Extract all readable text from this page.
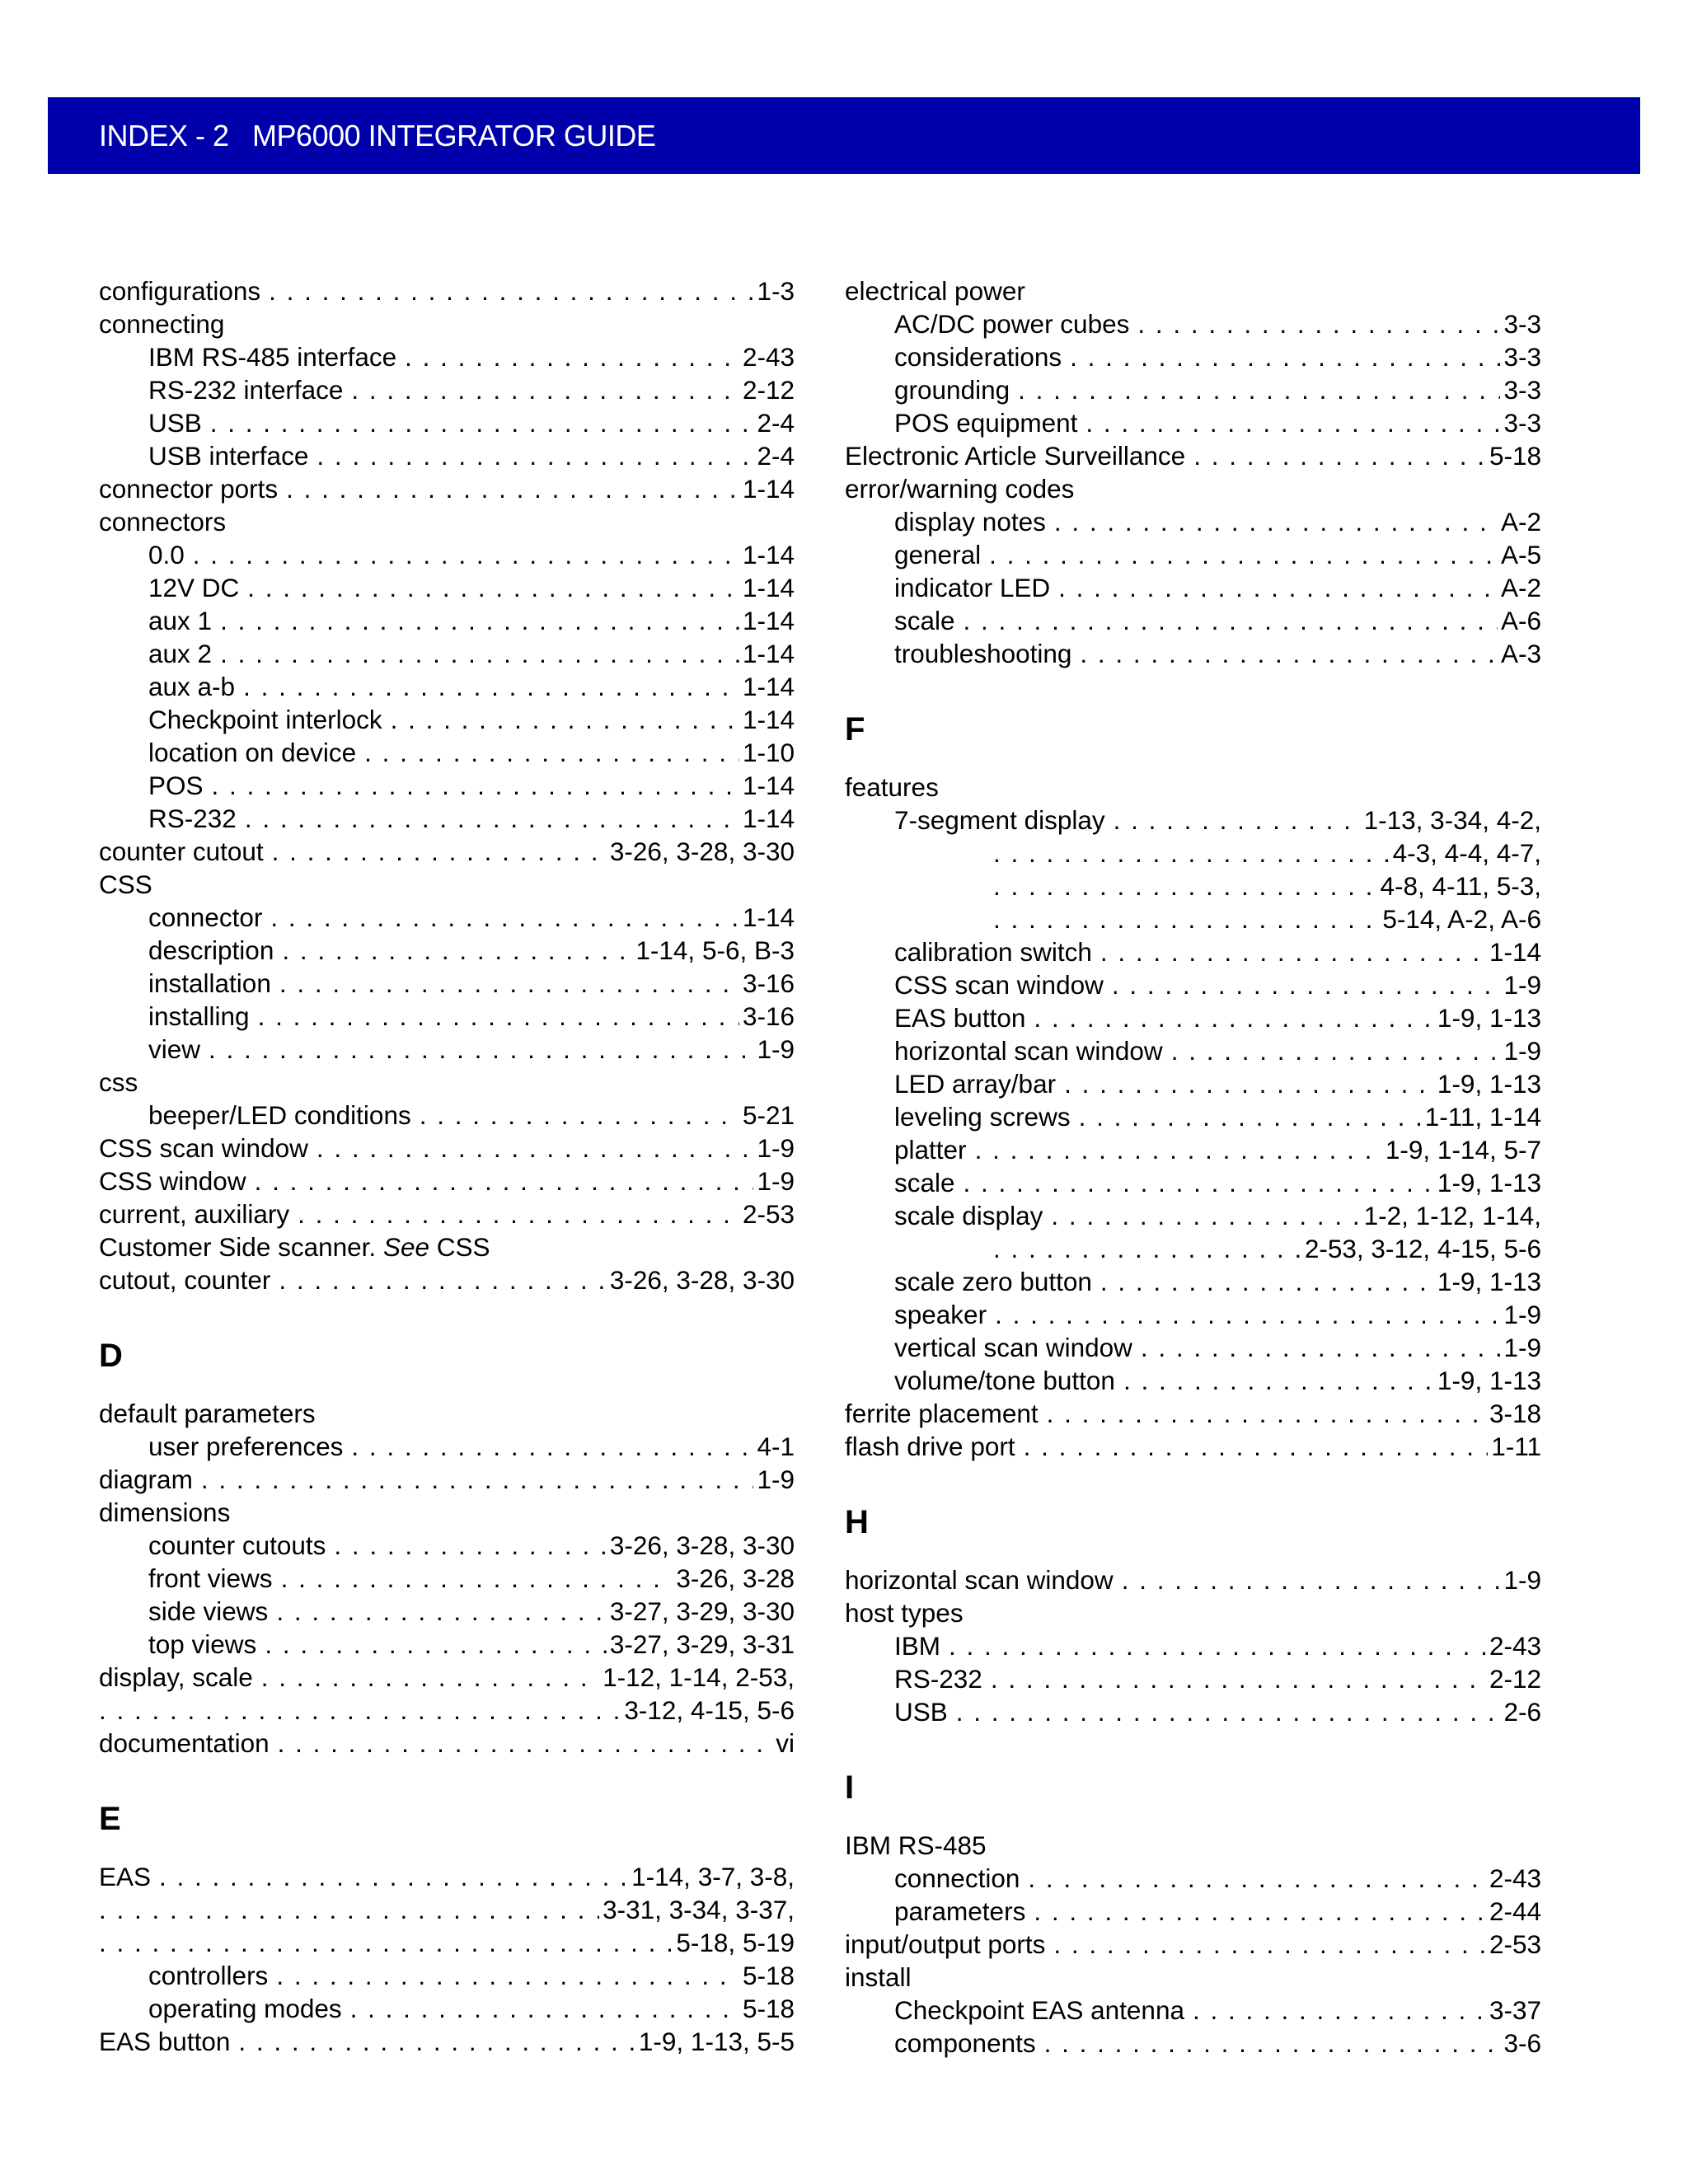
INDEX - 2   MP6000 INTEGRATOR GUIDE
configurations . . .	1-3
connecting
IBM RS-485 interface . . .	2-43
RS-232 interface . . .	2-12
USB . . .	2-4
USB interface . . .	2-4
connector ports . . .	1-14
connectors
0.0 . . .	1-14
12V DC . . .	1-14
aux 1 . . .	1-14
aux 2 . . .	1-14
aux a-b . . .	1-14
Checkpoint interlock . . .	1-14
location on device . . .	1-10
POS . . .	1-14
RS-232 . . .	1-14
counter cutout . . .	3-26, 3-28, 3-30
CSS
connector . . .	1-14
description . . .	1-14, 5-6, B-3
installation . . .	3-16
installing . . .	3-16
view . . .	1-9
css
beeper/LED conditions . . .	5-21
CSS scan window . . .	1-9
CSS window . . .	1-9
current, auxiliary . . .	2-53
Customer Side scanner. See CSS
cutout, counter . . .	3-26, 3-28, 3-30
D
default parameters
user preferences . . .	4-1
diagram . . .	1-9
dimensions
counter cutouts . . .	3-26, 3-28, 3-30
front views . . .	3-26, 3-28
side views . . .	3-27, 3-29, 3-30
top views . . .	3-27, 3-29, 3-31
display, scale . . .	1-12, 1-14, 2-53,
. . .
3-12, 4-15, 5-6
documentation . . .	vi
E
EAS . . .	1-14, 3-7, 3-8,
. . .
3-31, 3-34, 3-37,
. . .
5-18, 5-19
controllers . . .	5-18
operating modes . . .	5-18
EAS button . . .	1-9, 1-13, 5-5
electrical power
AC/DC power cubes . . .	3-3
considerations . . .	3-3
grounding . . .	3-3
POS equipment . . .	3-3
Electronic Article Surveillance . . .	5-18
error/warning codes
display notes . . .	A-2
general . . .	A-5
indicator LED . . .	A-2
scale . . .	A-6
troubleshooting . . .	A-3
F
features
7-segment display . . .	1-13, 3-34, 4-2,
. . .
4-3, 4-4, 4-7,
. . .
4-8, 4-11, 5-3,
. . .
5-14, A-2, A-6
calibration switch . . .	1-14
CSS scan window . . .	1-9
EAS button . . .	1-9, 1-13
horizontal scan window . . .	1-9
LED array/bar . . .	1-9, 1-13
leveling screws . . .	1-11, 1-14
platter . . .	1-9, 1-14, 5-7
scale . . .	1-9, 1-13
scale display . . .	1-2, 1-12, 1-14,
. . .
2-53, 3-12, 4-15, 5-6
scale zero button . . .	1-9, 1-13
speaker . . .	1-9
vertical scan window . . .	1-9
volume/tone button . . .	1-9, 1-13
ferrite placement . . .	3-18
flash drive port . . .	1-11
H
horizontal scan window . . .	1-9
host types
IBM . . .	2-43
RS-232 . . .	2-12
USB . . .	2-6
I
IBM RS-485
connection . . .	2-43
parameters . . .	2-44
input/output ports . . .	2-53
install
Checkpoint EAS antenna . . .	3-37
components . . .	3-6
